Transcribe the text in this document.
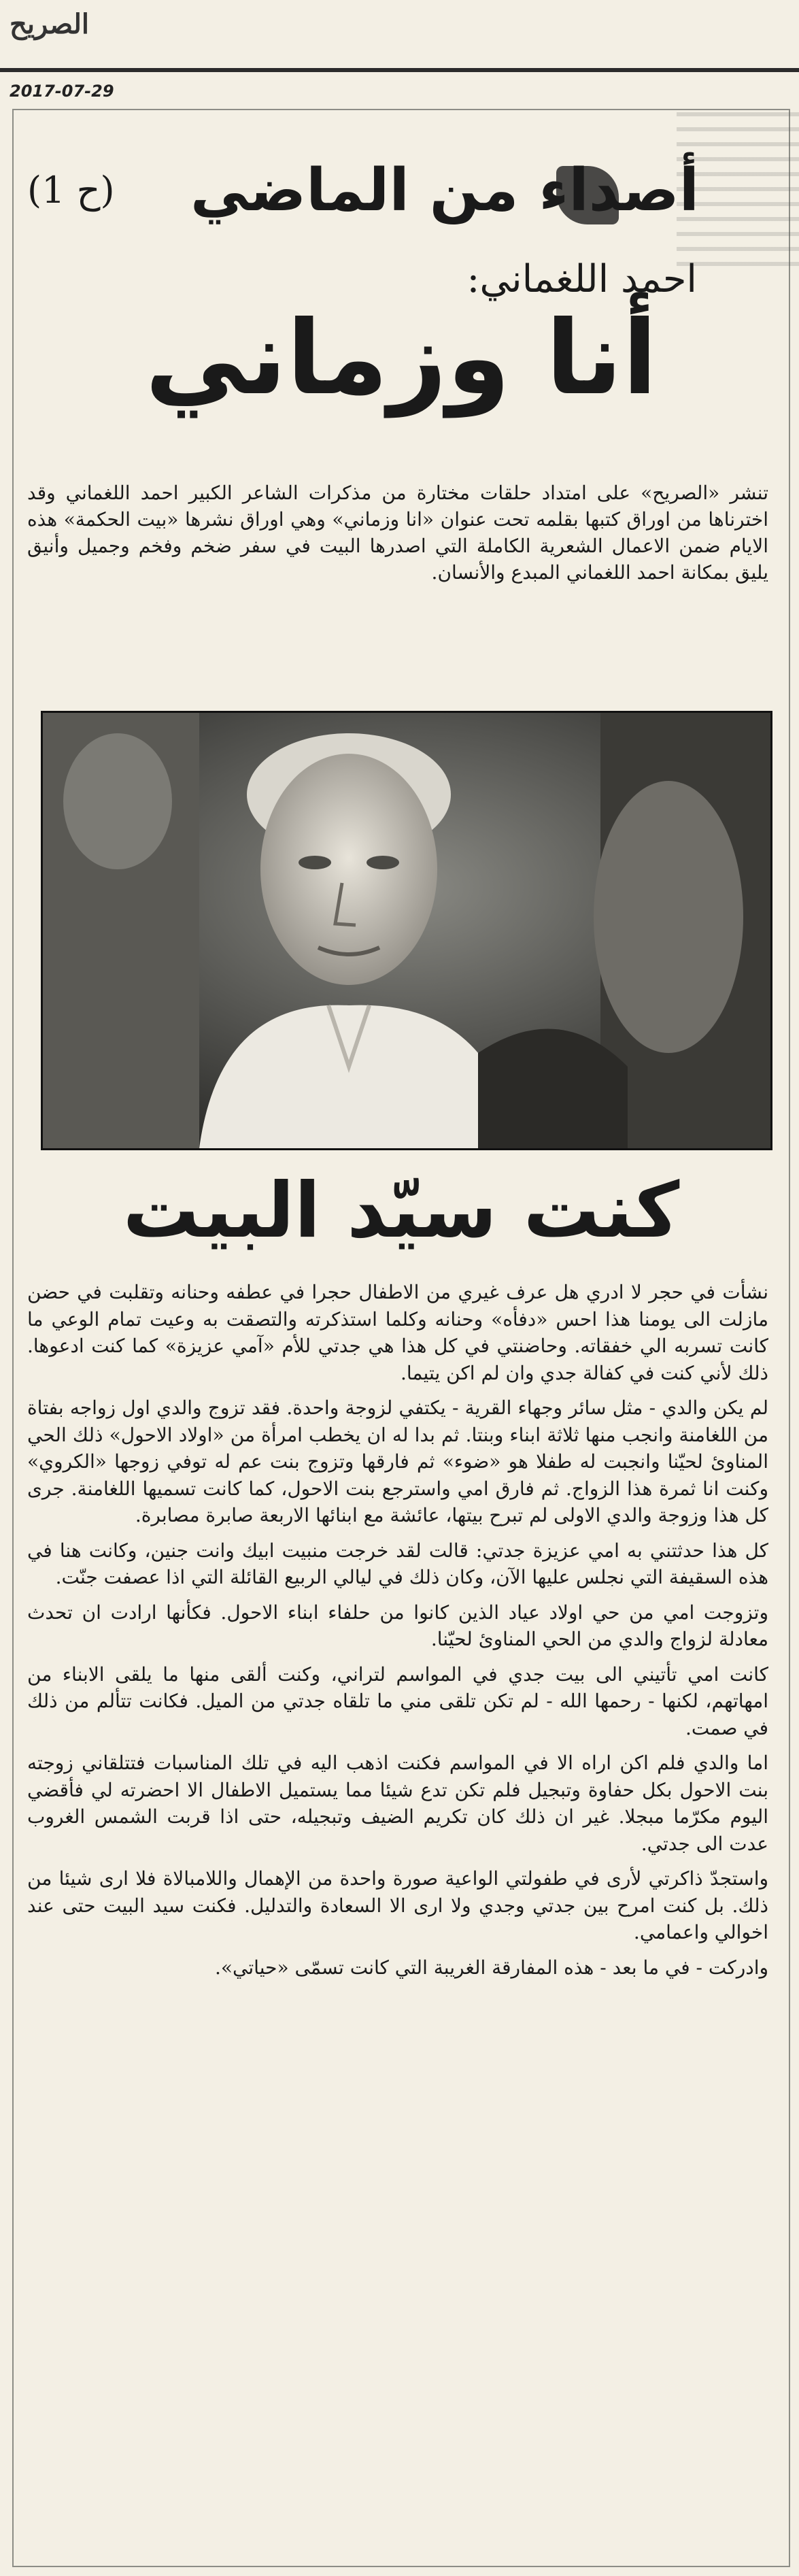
الصريح
2017-07-29
(ح 1) أصداء من الماضي
احمد اللغماني:
أنا وزماني
تنشر «الصريح» على امتداد حلقات مختارة من مذكرات الشاعر الكبير احمد اللغماني وقد اخترناها من اوراق كتبها بقلمه تحت عنوان «انا وزماني» وهي اوراق نشرها «بيت الحكمة» هذه الايام ضمن الاعمال الشعرية الكاملة التي اصدرها البيت في سفر ضخم وفخم وجميل وأنيق يليق بمكانة احمد اللغماني المبدع والأنسان.
كنت سيّد البيت

نشأت في حجر لا ادري هل عرف غيري من الاطفال حجرا في عطفه وحنانه وتقلبت في حضن مازلت الى يومنا هذا احس «دفأه» وحنانه وكلما استذكرته والتصقت به وعيت تمام الوعي ما كانت تسربه الي خفقاته. وحاضنتي في كل هذا هي جدتي للأم «آمي عزيزة» كما كنت ادعوها. ذلك لأني كنت في كفالة جدي وان لم اكن يتيما.

لم يكن والدي - مثل سائر وجهاء القرية - يكتفي لزوجة واحدة. فقد تزوج والدي اول زواجه بفتاة من اللغامنة وانجب منها ثلاثة ابناء وبنتا. ثم بدا له ان يخطب امرأة من «اولاد الاحول» ذلك الحي المناوئ لحيّنا وانجبت له طفلا هو «ضوء» ثم فارقها وتزوج بنت عم له توفي زوجها «الكروي» وكنت انا ثمرة هذا الزواج. ثم فارق امي واسترجع بنت الاحول، كما كانت تسميها اللغامنة. جرى كل هذا وزوجة والدي الاولى لم تبرح بيتها، عائشة مع ابنائها الاربعة صابرة مصابرة.

كل هذا حدثتني به امي عزيزة جدتي: قالت لقد خرجت منبيت ابيك وانت جنين، وكانت هنا في هذه السقيفة التي نجلس عليها الآن، وكان ذلك في ليالي الربيع القائلة التي اذا عصفت جنّت.

وتزوجت امي من حي اولاد عياد الذين كانوا من حلفاء ابناء الاحول. فكأنها ارادت ان تحدث معادلة لزواج والدي من الحي المناوئ لحيّنا.

كانت امي تأتيني الى بيت جدي في المواسم لتراني، وكنت ألقى منها ما يلقى الابناء من امهاتهم، لكنها - رحمها الله - لم تكن تلقى مني ما تلقاه جدتي من الميل. فكانت تتألم من ذلك في صمت.

اما والدي فلم اكن اراه الا في المواسم فكنت اذهب اليه في تلك المناسبات فتتلقاني زوجته بنت الاحول بكل حفاوة وتبجيل فلم تكن تدع شيئا مما يستميل الاطفال الا احضرته لي فأقضي اليوم مكرّما مبجلا. غير ان ذلك كان تكريم الضيف وتبجيله، حتى اذا قربت الشمس الغروب عدت الى جدتي.

واستجدّ ذاكرتي لأرى في طفولتي الواعية صورة واحدة من الإهمال واللامبالاة فلا ارى شيئا من ذلك. بل كنت امرح بين جدتي وجدي ولا ارى الا السعادة والتدليل. فكنت سيد البيت حتى عند اخوالي واعمامي.

وادركت - في ما بعد - هذه المفارقة الغريبة التي كانت تسمّى «حياتي».
